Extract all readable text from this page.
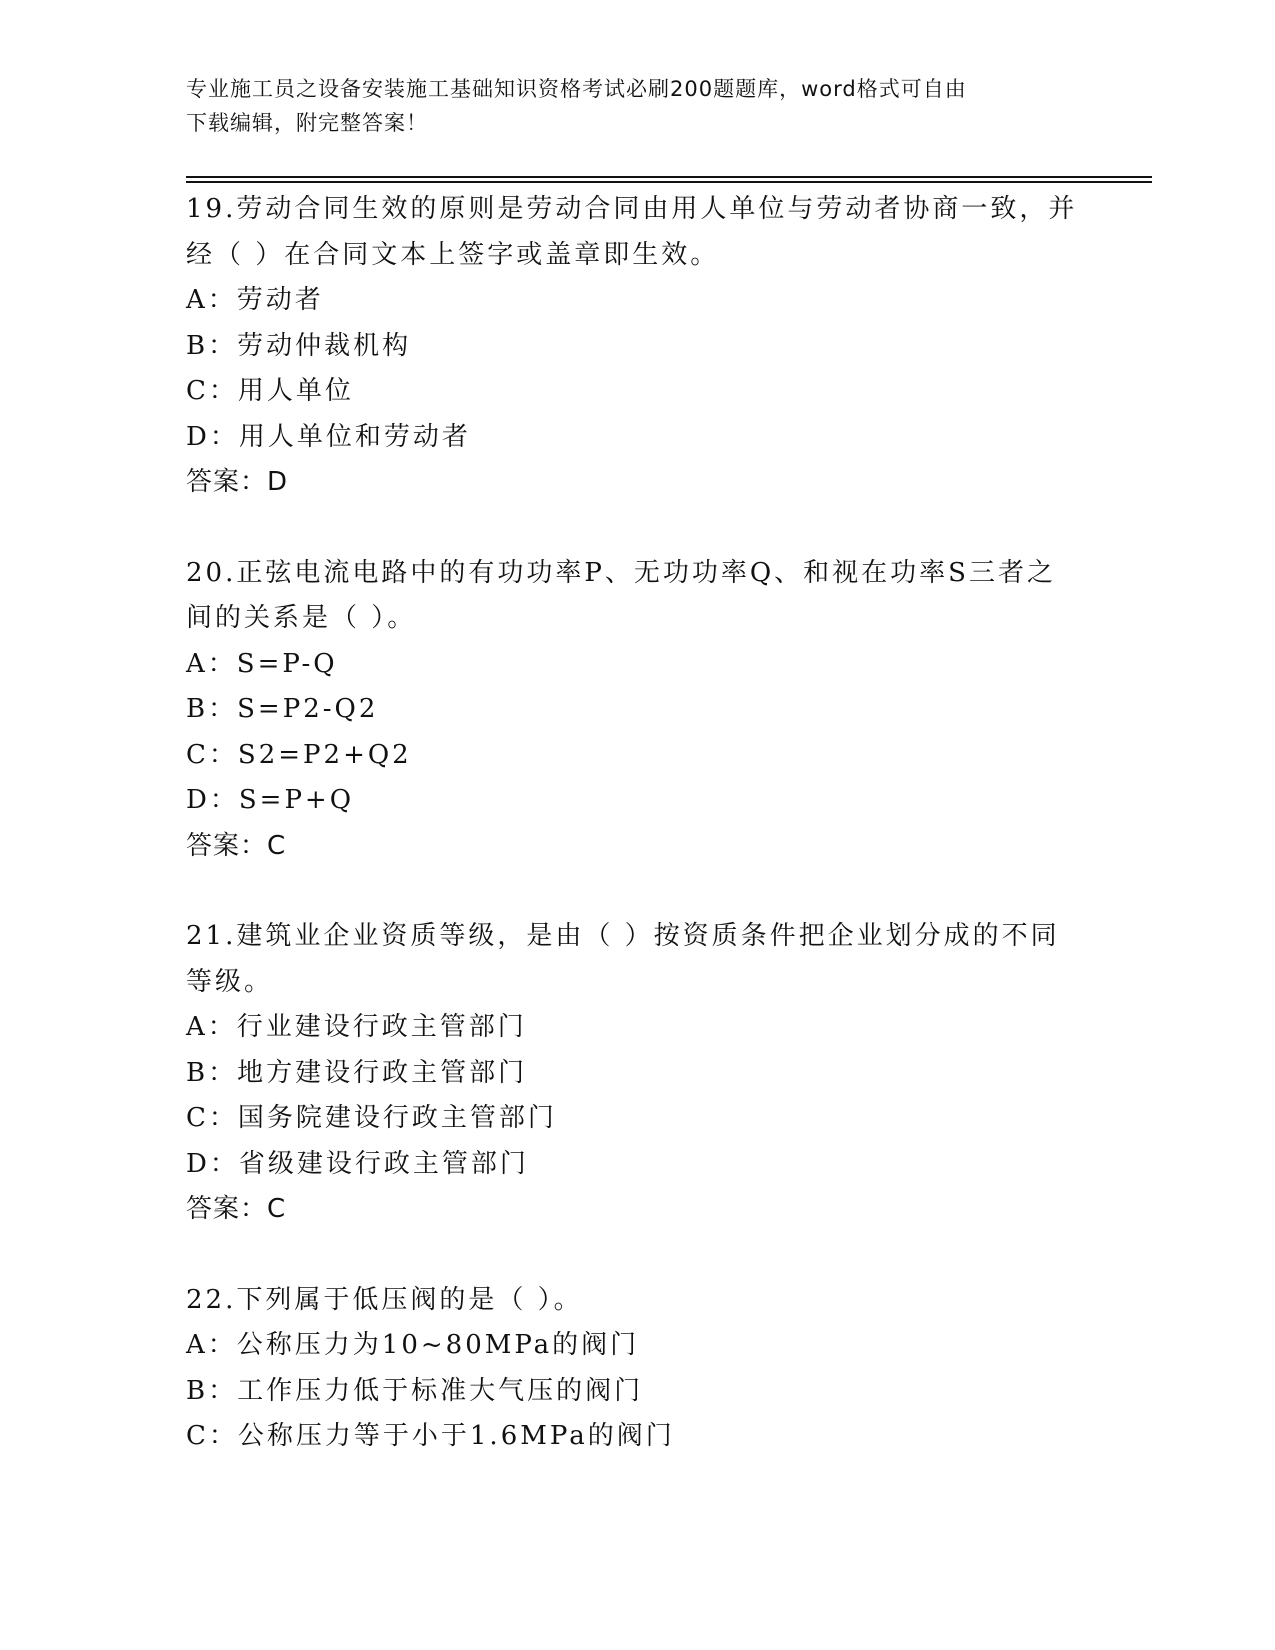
专业施工员之设备安装施工基础知识资格考试必刷200题题库，word格式可自由
下载编辑，附完整答案！
19.劳动合同生效的原则是劳动合同由用人单位与劳动者协商一致，并
经（ ）在合同文本上签字或盖章即生效。
A：劳动者
B：劳动仲裁机构
C：用人单位
D：用人单位和劳动者
答案：D
20.正弦电流电路中的有功功率P、无功功率Q、和视在功率S三者之
间的关系是（ ）。
A：S=P-Q
B：S=P2-Q2
C：S2=P2+Q2
D：S=P+Q
答案：C
21.建筑业企业资质等级，是由（ ）按资质条件把企业划分成的不同
等级。
A：行业建设行政主管部门
B：地方建设行政主管部门
C：国务院建设行政主管部门
D：省级建设行政主管部门
答案：C
22.下列属于低压阀的是（ ）。
A：公称压力为10~80MPa的阀门
B：工作压力低于标准大气压的阀门
C：公称压力等于小于1.6MPa的阀门
